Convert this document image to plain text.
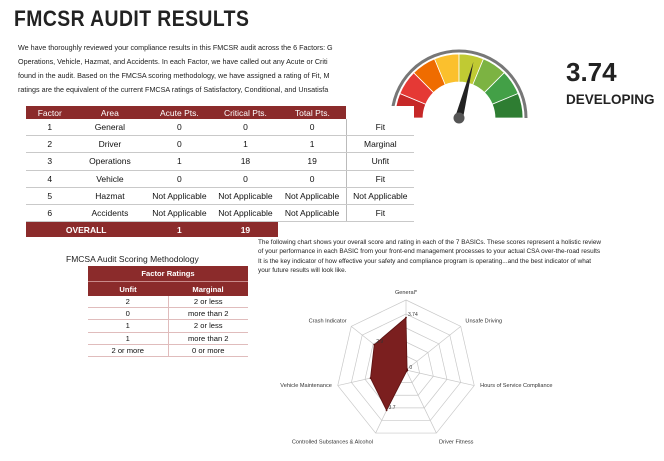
FMCSR AUDIT RESULTS
We have thoroughly reviewed your compliance results in this FMCSR audit across the 6 Factors: G
Operations, Vehicle, Hazmat, and Accidents. In each Factor, we have called out any Acute or Criti
found in the audit. Based on the FMCSA scoring methodology, we have assigned a rating of Fit, M
ratings are the equivalent of the current FMCSA ratings of Satisfactory, Conditional, and Unsatisfa
3.74
DEVELOPING
Factor	Area	Acute Pts.	Critical Pts.	Total Pts.	
1	General	0	0	0	Fit
2	Driver	0	1	1	Marginal
3	Operations	1	18	19	Unfit
4	Vehicle	0	0	0	Fit
5	Hazmat	Not Applicable	Not Applicable	Not Applicable	Not Applicable
6	Accidents	Not Applicable	Not Applicable	Not Applicable	Fit
OVERALL		1	19		
FMCSA Audit Scoring Methodology
Factor Ratings	
Unfit	Marginal
2	2 or less
0	more than 2
1	2 or less
1	more than 2
2 or more	0 or more
The following chart shows your overall score and rating in each of the 7 BASICs. These scores represent a holistic review
of your performance in each BASIC from your front-end management processes to your actual CSA over-the-road results
It is the key indicator of how effective your safety and compliance program is operating...and the best indicator of what
your future results will look like.
3.74
0
3.7
2.9
General*
Unsafe Driving
Hours of Service Compliance
Driver Fitness
Controlled Substances & Alcohol
Vehicle Maintenance
Crash Indicator
